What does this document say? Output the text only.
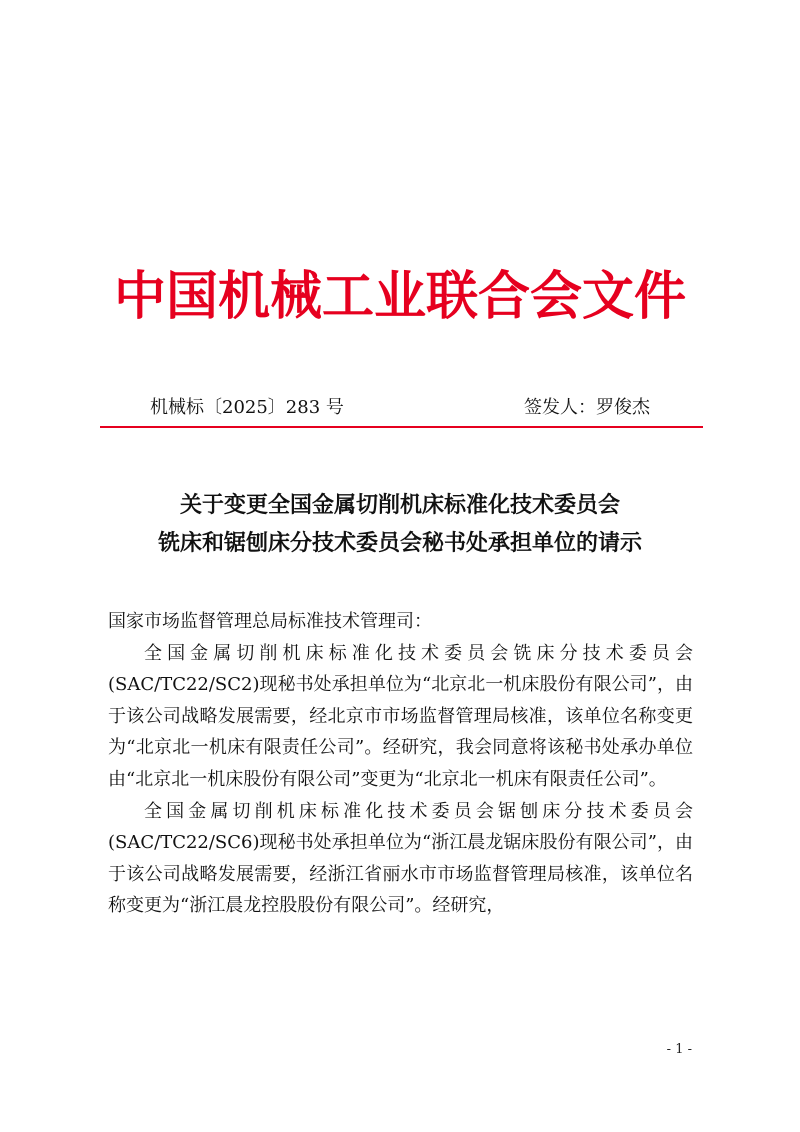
中国机械工业联合会文件
机械标〔2025〕283 号	签发人：罗俊杰
关于变更全国金属切削机床标准化技术委员会
铣床和锯刨床分技术委员会秘书处承担单位的请示

国家市场监督管理总局标准技术管理司：

全国金属切削机床标准化技术委员会铣床分技术委员会(SAC/TC22/SC2)现秘书处承担单位为“北京北一机床股份有限公司”，由于该公司战略发展需要，经北京市市场监督管理局核准，该单位名称变更为“北京北一机床有限责任公司”。经研究，我会同意将该秘书处承办单位由“北京北一机床股份有限公司”变更为“北京北一机床有限责任公司”。

全国金属切削机床标准化技术委员会锯刨床分技术委员会(SAC/TC22/SC6)现秘书处承担单位为“浙江晨龙锯床股份有限公司”，由于该公司战略发展需要，经浙江省丽水市市场监督管理局核准，该单位名称变更为“浙江晨龙控股股份有限公司”。经研究，

- 1 -
